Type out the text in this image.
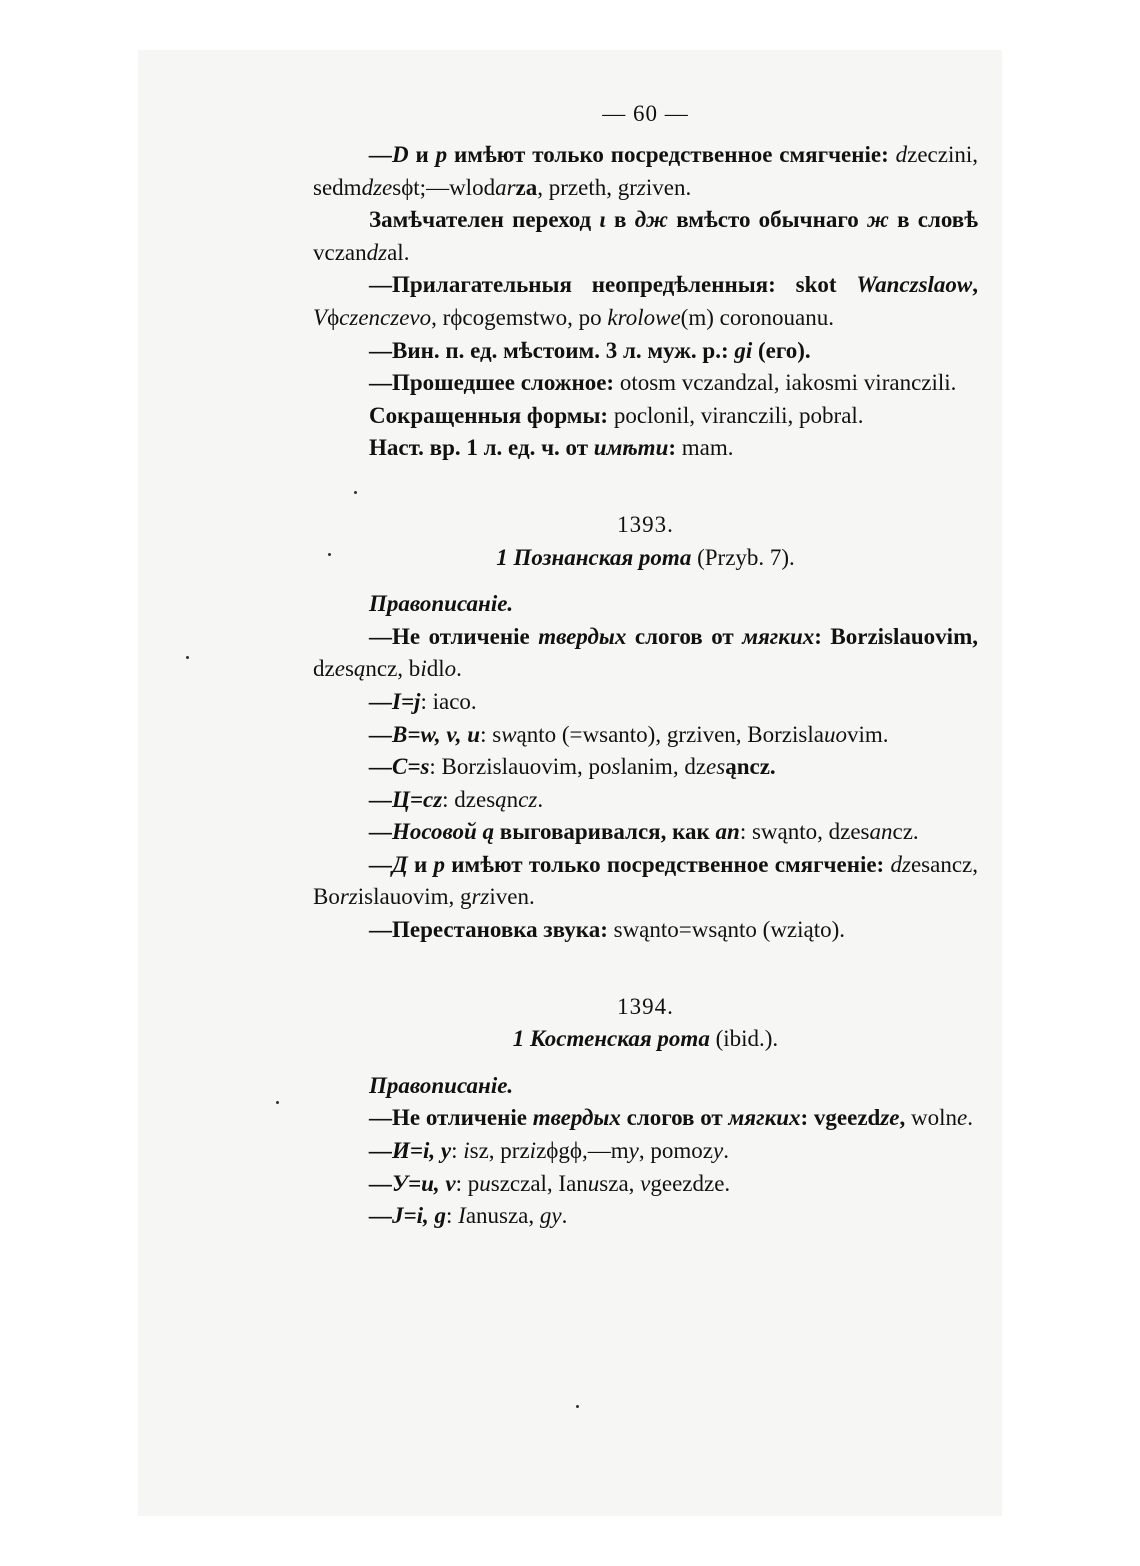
— 60 —

—D и p имѣют только посредственное смягченіе: dzeczini, sedmdzesϕt;—wlodarza, przeth, grziven.

Замѣчателен переход ι в дж вмѣсто обычнаго ж в словѣ vczandzal.

—Прилагательныя неопредѣленныя: skot Wanczslaow, Vϕczenczevo, rϕcogemstwo, po krolowe(m) coronouanu.

—Вин. п. ед. мѣстоим. 3 л. муж. р.: gi (его).

—Прошедшее сложное: otosm vczandzal, iakosmi viranczili.

Сокращенныя формы: poclonil, viranczili, pobral.

Наст. вр. 1 л. ед. ч. от имѣти: mam.

1393.

1 Познанская рота (Przyb. 7).

Правописаніе.

—Не отличеніе твердых слогов от мягких: Borzislauovim, dzesąncz, bidlo.

—I=j: iaco.

—B=w, v, u: swąnto (=wsanto), grziven, Borzislauovim.

—C=s: Borzislauovim, poslanim, dzesąncz.

—Ц=cz: dzesąncz.

—Носовой ą выговаривался, как an: swąnto, dzesancz.

—Д и p имѣют только посредственное смягченіе: dzesancz, Borzislauovim, grziven.

—Перестановка звука: swąnto=wsąnto (wziąto).

1394.

1 Костенская рота (ibid.).

Правописаніе.

—Не отличеніе твердых слогов от мягких: vgeezdze, wolne.

—И=i, y: isz, przizϕgϕ,—my, pomozy.

—У=u, v: puszczal, Ianusza, vgeezdze.

—J=i, g: Ianusza, gy.
